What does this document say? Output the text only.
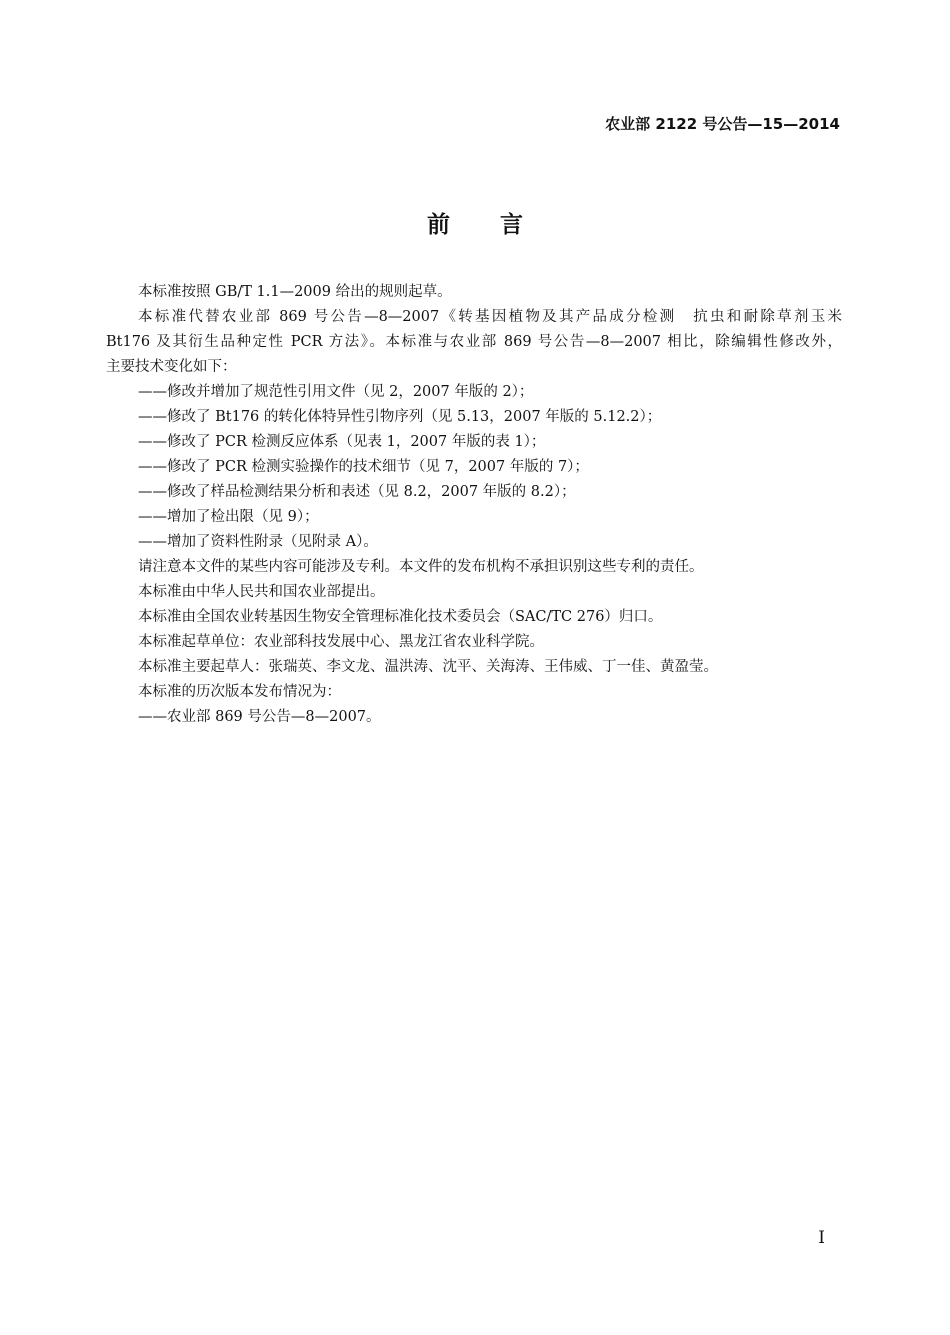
农业部 2122 号公告—15—2014
前 言

本标准按照 GB/T 1.1—2009 给出的规则起草。

本标准代替农业部 869 号公告—8—2007《转基因植物及其产品成分检测　抗虫和耐除草剂玉米

Bt176 及其衍生品种定性 PCR 方法》。本标准与农业部 869 号公告—8—2007 相比，除编辑性修改外，

主要技术变化如下：

——修改并增加了规范性引用文件（见 2，2007 年版的 2）；

——修改了 Bt176 的转化体特异性引物序列（见 5.13，2007 年版的 5.12.2）；

——修改了 PCR 检测反应体系（见表 1，2007 年版的表 1）；

——修改了 PCR 检测实验操作的技术细节（见 7，2007 年版的 7）；

——修改了样品检测结果分析和表述（见 8.2，2007 年版的 8.2）；

——增加了检出限（见 9）；

——增加了资料性附录（见附录 A）。

请注意本文件的某些内容可能涉及专利。本文件的发布机构不承担识别这些专利的责任。

本标准由中华人民共和国农业部提出。

本标准由全国农业转基因生物安全管理标准化技术委员会（SAC/TC 276）归口。

本标准起草单位：农业部科技发展中心、黑龙江省农业科学院。

本标准主要起草人：张瑞英、李文龙、温洪涛、沈平、关海涛、王伟威、丁一佳、黄盈莹。

本标准的历次版本发布情况为：

——农业部 869 号公告—8—2007。

I
